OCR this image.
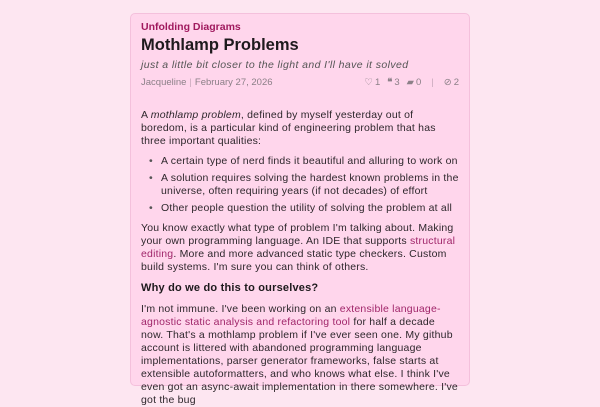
Unfolding Diagrams
Mothlamp Problems
just a little bit closer to the light and I'll have it solved
Jacqueline | February 27, 2026	♡ 1 ❝ 3 ▰ 0 | ⊘ 2

A mothlamp problem, defined by myself yesterday out of boredom, is a particular kind of engineering problem that has three important qualities:

• A certain type of nerd finds it beautiful and alluring to work on
• A solution requires solving the hardest known problems in the universe, often requiring years (if not decades) of effort
• Other people question the utility of solving the problem at all

You know exactly what type of problem I'm talking about. Making your own programming language. An IDE that supports structural editing. More and more advanced static type checkers. Custom build systems. I'm sure you can think of others.

Why do we do this to ourselves?

I'm not immune. I've been working on an extensible language-agnostic static analysis and refactoring tool for half a decade now. That's a mothlamp problem if I've ever seen one. My github account is littered with abandoned programming language implementations, parser generator frameworks, false starts at extensible autoformatters, and who knows what else. I think I've even got an async-await implementation in there somewhere. I've got the bug
